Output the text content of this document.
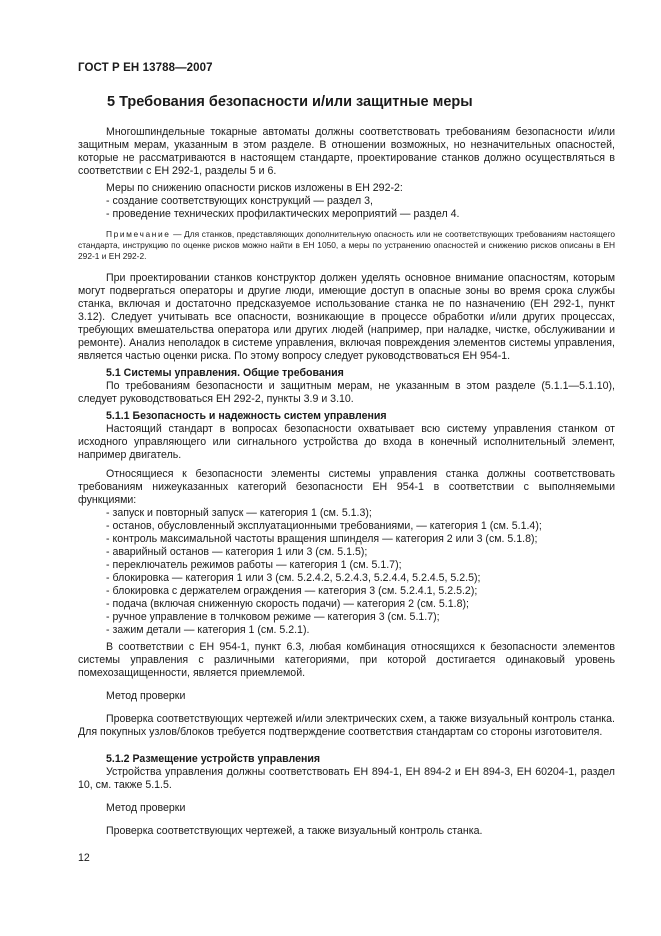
ГОСТ Р ЕН 13788—2007
5 Требования безопасности и/или защитные меры

Многошпиндельные токарные автоматы должны соответствовать требованиям безопасности и/или защитным мерам, указанным в этом разделе. В отношении возможных, но незначительных опасностей, которые не рассматриваются в настоящем стандарте, проектирование станков должно осуществляться в соответствии с ЕН 292-1, разделы 5 и 6.

Меры по снижению опасности рисков изложены в ЕН 292-2:

- создание соответствующих конструкций — раздел 3,
- проведение технических профилактических мероприятий — раздел 4.

Примечание — Для станков, представляющих дополнительную опасность или не соответствующих требованиям настоящего стандарта, инструкцию по оценке рисков можно найти в ЕН 1050, а меры по устранению опасностей и снижению рисков описаны в ЕН 292-1 и ЕН 292-2.

При проектировании станков конструктор должен уделять основное внимание опасностям, которым могут подвергаться операторы и другие люди, имеющие доступ в опасные зоны во время срока службы станка, включая и достаточно предсказуемое использование станка не по назначению (ЕН 292-1, пункт 3.12). Следует учитывать все опасности, возникающие в процессе обработки и/или других процессах, требующих вмешательства оператора или других людей (например, при наладке, чистке, обслуживании и ремонте). Анализ неполадок в системе управления, включая повреждения элементов системы управления, является частью оценки риска. По этому вопросу следует руководствоваться ЕН 954-1.

5.1 Системы управления. Общие требования

По требованиям безопасности и защитным мерам, не указанным в этом разделе (5.1.1—5.1.10), следует руководствоваться ЕН 292-2, пункты 3.9 и 3.10.

5.1.1 Безопасность и надежность систем управления

Настоящий стандарт в вопросах безопасности охватывает всю систему управления станком от исходного управляющего или сигнального устройства до входа в конечный исполнительный элемент, например двигатель.

Относящиеся к безопасности элементы системы управления станка должны соответствовать требованиям нижеуказанных категорий безопасности ЕН 954-1 в соответствии с выполняемыми функциями:

- запуск и повторный запуск — категория 1 (см. 5.1.3);
- останов, обусловленный эксплуатационными требованиями, — категория 1 (см. 5.1.4);
- контроль максимальной частоты вращения шпинделя — категория 2 или 3 (см. 5.1.8);
- аварийный останов — категория 1 или 3 (см. 5.1.5);
- переключатель режимов работы — категория 1 (см. 5.1.7);
- блокировка — категория 1 или 3 (см. 5.2.4.2, 5.2.4.3, 5.2.4.4, 5.2.4.5, 5.2.5);
- блокировка с держателем ограждения — категория 3 (см. 5.2.4.1, 5.2.5.2);
- подача (включая сниженную скорость подачи) — категория 2 (см. 5.1.8);
- ручное управление в толчковом режиме — категория 3 (см. 5.1.7);
- зажим детали — категория 1 (см. 5.2.1).

В соответствии с ЕН 954-1, пункт 6.3, любая комбинация относящихся к безопасности элементов системы управления с различными категориями, при которой достигается одинаковый уровень помехозащищенности, является приемлемой.

Метод проверки

Проверка соответствующих чертежей и/или электрических схем, а также визуальный контроль станка. Для покупных узлов/блоков требуется подтверждение соответствия стандартам со стороны изготовителя.

5.1.2 Размещение устройств управления

Устройства управления должны соответствовать ЕН 894-1, ЕН 894-2 и ЕН 894-3, ЕН 60204-1, раздел 10, см. также 5.1.5.

Метод проверки

Проверка соответствующих чертежей, а также визуальный контроль станка.

12
